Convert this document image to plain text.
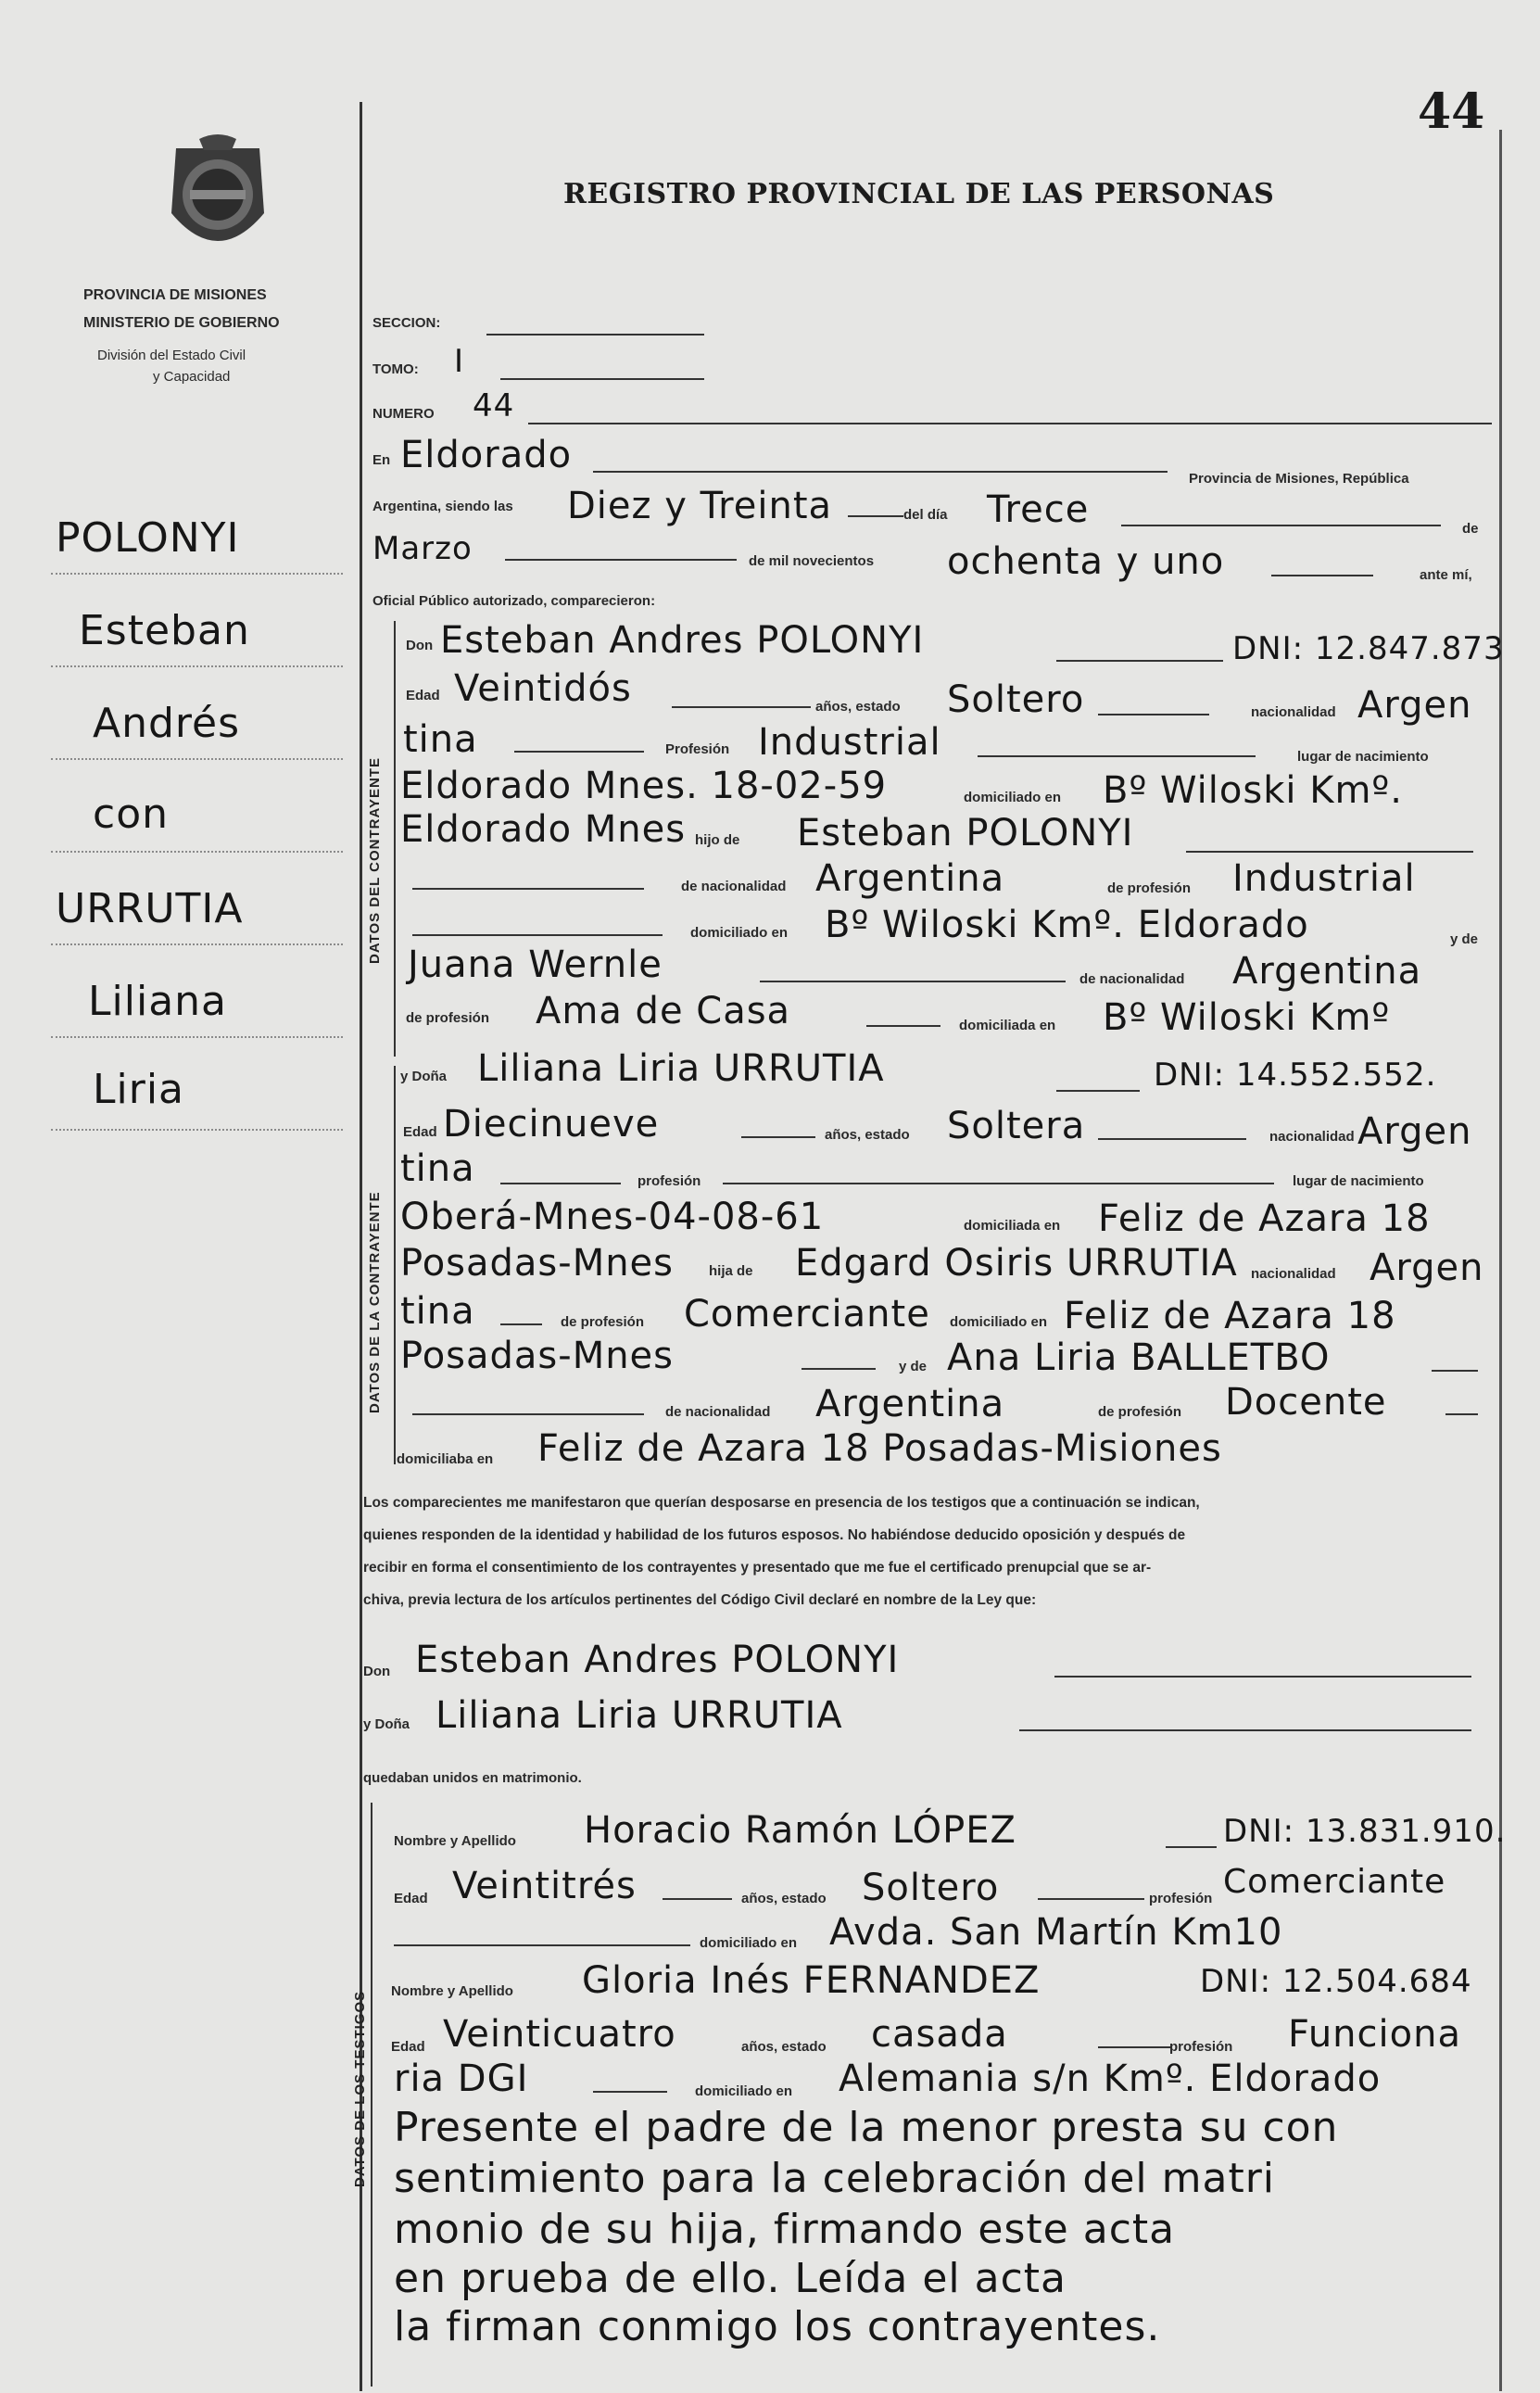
44
PROVINCIA DE MISIONES
MINISTERIO DE GOBIERNO
División del Estado Civil
y Capacidad
REGISTRO PROVINCIAL DE LAS PERSONAS
POLONYI
Esteban
Andrés
con
URRUTIA
Liliana
Liria
SECCION:
TOMO: I
NUMERO 44
En Eldorado
Provincia de Misiones, República
Argentina, siendo las Diez y Treinta	del día Trece	de
Marzo	de mil novecientos ochenta y uno	ante mí,
Oficial Público autorizado, comparecieron:
DATOS DEL CONTRAYENTE
Don Esteban Andres POLONYI	DNI: 12.847.873
Edad Veintidós	años, estado Soltero	nacionalidad Argen
tina	Profesión Industrial	lugar de nacimiento
Eldorado Mnes. 18-02-59	domiciliado en Bº Wiloski Kmº.
Eldorado Mnes hijo de Esteban POLONYI
de nacionalidad Argentina	de profesión Industrial
domiciliado en Bº Wiloski Kmº. Eldorado	y de
Juana Wernle	de nacionalidad Argentina
de profesión Ama de Casa	domiciliada en Bº Wiloski Kmº
DATOS DE LA CONTRAYENTE
y Doña Liliana Liria URRUTIA	DNI: 14.552.552.
Edad Diecinueve	años, estado Soltera	nacionalidad Argen
tina	profesión	lugar de nacimiento
Oberá-Mnes-04-08-61	domiciliada en Feliz de Azara 18
Posadas-Mnes	hija de Edgard Osiris URRUTIA nacionalidad Argen
tina	de profesión Comerciante domiciliado en Feliz de Azara 18
Posadas-Mnes	y de Ana Liria BALLETBO
de nacionalidad Argentina	de profesión Docente
domiciliaba en Feliz de Azara 18 Posadas-Misiones
Los comparecientes me manifestaron que querían desposarse en presencia de los testigos que a continuación se indican,
quienes responden de la identidad y habilidad de los futuros esposos. No habiéndose deducido oposición y después de
recibir en forma el consentimiento de los contrayentes y presentado que me fue el certificado prenupcial que se ar-
chiva, previa lectura de los artículos pertinentes del Código Civil declaré en nombre de la Ley que:
Don Esteban Andres POLONYI
y Doña Liliana Liria URRUTIA
quedaban unidos en matrimonio.
DATOS DE LOS TESTIGOS
Nombre y Apellido Horacio Ramón LÓPEZ	DNI: 13.831.910.
Edad Veintitrés	años, estado Soltero	profesión Comerciante
domiciliado en Avda. San Martín Km10
Nombre y Apellido Gloria Inés FERNANDEZ	DNI: 12.504.684
Edad Veinticuatro	años, estado casada	profesión Funciona
ria DGI	domiciliado en Alemania s/n Kmº. Eldorado
Presente el padre de la menor presta su con
sentimiento para la celebración del matri
monio de su hija, firmando este acta
en prueba de ello. Leída el acta
la firman conmigo los contrayentes.
